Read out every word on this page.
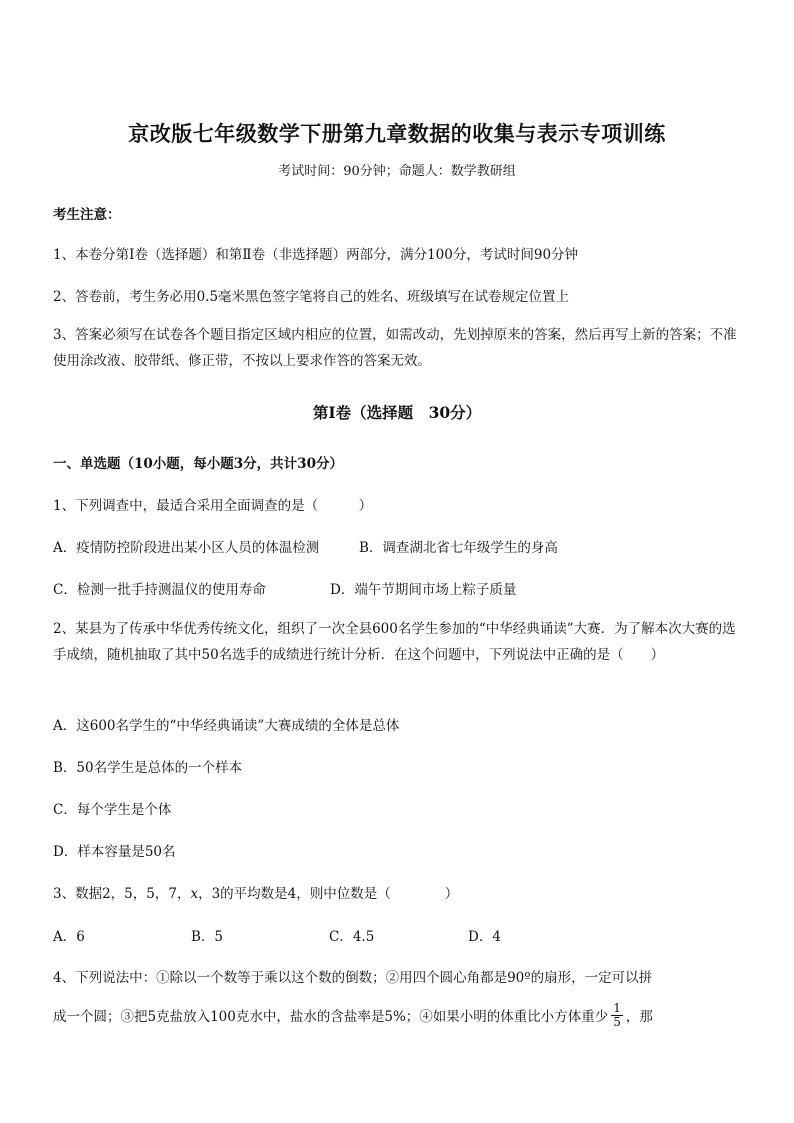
京改版七年级数学下册第九章数据的收集与表示专项训练
考试时间：90分钟；命题人：数学教研组
考生注意：
1、本卷分第Ⅰ卷（选择题）和第Ⅱ卷（非选择题）两部分，满分100分，考试时间90分钟
2、答卷前，考生务必用0.5毫米黑色签字笔将自己的姓名、班级填写在试卷规定位置上
3、答案必须写在试卷各个题目指定区域内相应的位置，如需改动，先划掉原来的答案，然后再写上新的答案；不准使用涂改液、胶带纸、修正带，不按以上要求作答的答案无效。
第Ⅰ卷（选择题　30分）
一、单选题（10小题，每小题3分，共计30分）
1、下列调查中，最适合采用全面调查的是（　　　）
A．疫情防控阶段进出某小区人员的体温检测	B．调查湖北省七年级学生的身高
C．检测一批手持测温仪的使用寿命	D．端午节期间市场上粽子质量
2、某县为了传承中华优秀传统文化，组织了一次全县600名学生参加的“中华经典诵读”大赛．为了解本次大赛的选手成绩，随机抽取了其中50名选手的成绩进行统计分析．在这个问题中，下列说法中正确的是（　　）
A．这600名学生的“中华经典诵读”大赛成绩的全体是总体
B．50名学生是总体的一个样本
C．每个学生是个体
D．样本容量是50名
3、数据2，5，5，7，x，3的平均数是4，则中位数是（　　　　）
A．6	B．5	C．4.5	D．4
4、下列说法中：①除以一个数等于乘以这个数的倒数；②用四个圆心角都是90º的扇形，一定可以拼
成一个圆；③把5克盐放入100克水中，盐水的含盐率是5%；④如果小明的体重比小方体重少 $\frac{1}{5}$ ，那
